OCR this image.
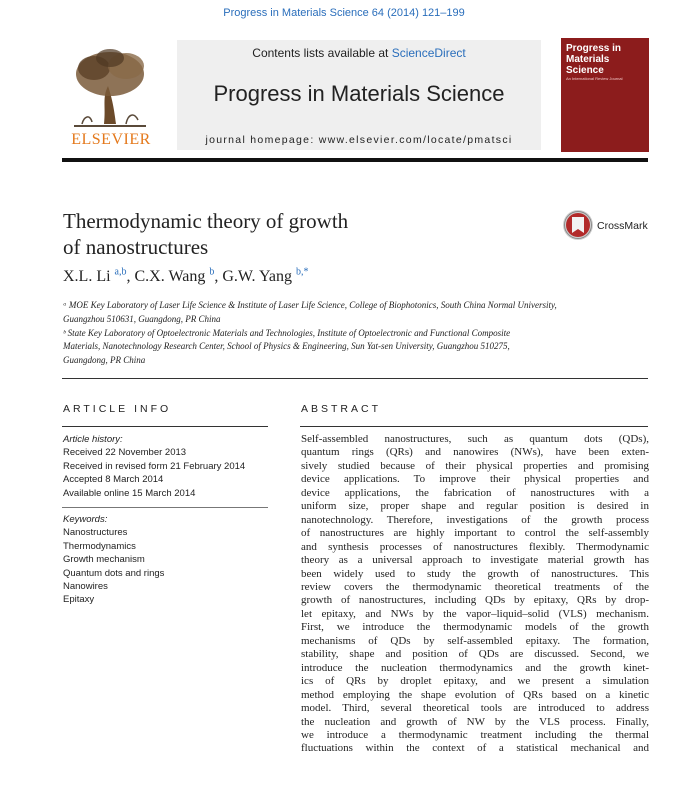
Progress in Materials Science 64 (2014) 121–199
ELSEVIER
Contents lists available at ScienceDirect
Progress in Materials Science
journal homepage: www.elsevier.com/locate/pmatsci
Progress in Materials Science
An International Review Journal
Thermodynamic theory of growth
of nanostructures
CrossMark
X.L. Li $^{a,b}$, C.X. Wang $^b$, G.W. Yang $^{b,*}$
ᵃ MOE Key Laboratory of Laser Life Science & Institute of Laser Life Science, College of Biophotonics, South China Normal University,
Guangzhou 510631, Guangdong, PR China
ᵇ State Key Laboratory of Optoelectronic Materials and Technologies, Institute of Optoelectronic and Functional Composite
Materials, Nanotechnology Research Center, School of Physics & Engineering, Sun Yat-sen University, Guangzhou 510275,
Guangdong, PR China
ARTICLE INFO
Article history:
Received 22 November 2013
Received in revised form 21 February 2014
Accepted 8 March 2014
Available online 15 March 2014
Keywords:
Nanostructures
Thermodynamics
Growth mechanism
Quantum dots and rings
Nanowires
Epitaxy
ABSTRACT
Self-assembled nanostructures, such as quantum dots (QDs),
quantum rings (QRs) and nanowires (NWs), have been exten-
sively studied because of their physical properties and promising
device applications. To improve their physical properties and
device applications, the fabrication of nanostructures with a
uniform size, proper shape and regular position is desired in
nanotechnology. Therefore, investigations of the growth process
of nanostructures are highly important to control the self-assembly
and synthesis processes of nanostructures flexibly. Thermodynamic
theory as a universal approach to investigate material growth has
been widely used to study the growth of nanostructures. This
review covers the thermodynamic theoretical treatments of the
growth of nanostructures, including QDs by epitaxy, QRs by drop-
let epitaxy, and NWs by the vapor–liquid–solid (VLS) mechanism.
First, we introduce the thermodynamic models of the growth
mechanisms of QDs by self-assembled epitaxy. The formation,
stability, shape and position of QDs are discussed. Second, we
introduce the nucleation thermodynamics and the growth kinet-
ics of QRs by droplet epitaxy, and we present a simulation
method employing the shape evolution of QRs based on a kinetic
model. Third, several theoretical tools are introduced to address
the nucleation and growth of NW by the VLS process. Finally,
we introduce a thermodynamic treatment including the thermal
fluctuations within the context of a statistical mechanical and
